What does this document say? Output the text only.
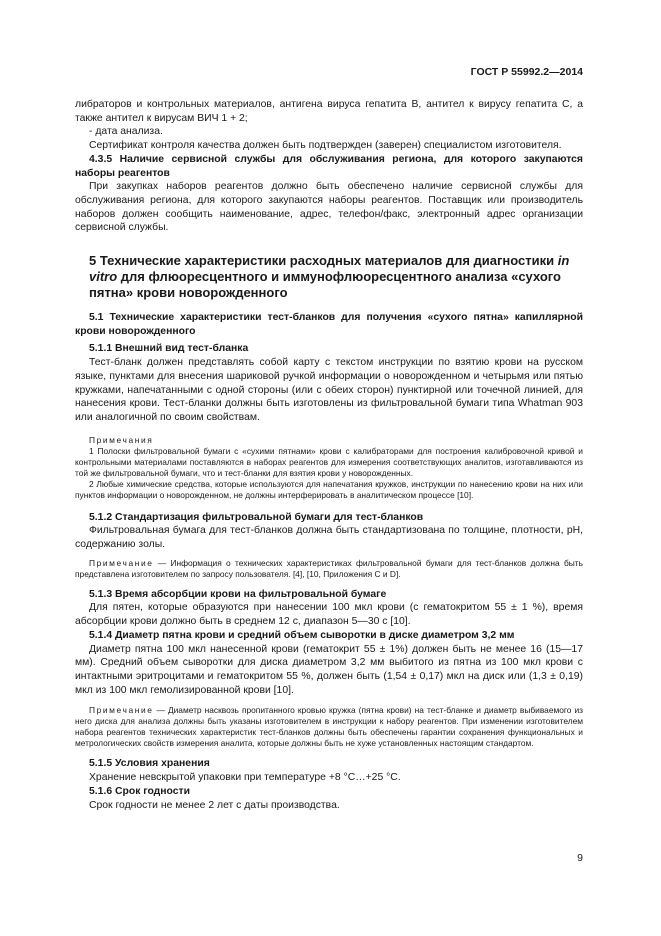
ГОСТ Р 55992.2—2014

либраторов и контрольных материалов, антигена вируса гепатита В, антител к вирусу гепатита С, а также антител к вирусам ВИЧ 1 + 2;

- дата анализа.

Сертификат контроля качества должен быть подтвержден (заверен) специалистом изготовителя.

4.3.5 Наличие сервисной службы для обслуживания региона, для которого закупаются наборы реагентов

При закупках наборов реагентов должно быть обеспечено наличие сервисной службы для обслуживания региона, для которого закупаются наборы реагентов. Поставщик или производитель наборов должен сообщить наименование, адрес, телефон/факс, электронный адрес организации сервисной службы.

5 Технические характеристики расходных материалов для диагностики in vitro для флюоресцентного и иммунофлюоресцентного анализа «сухого пятна» крови новорожденного

5.1 Технические характеристики тест-бланков для получения «сухого пятна» капиллярной крови новорожденного

5.1.1 Внешний вид тест-бланка

Тест-бланк должен представлять собой карту с текстом инструкции по взятию крови на русском языке, пунктами для внесения шариковой ручкой информации о новорожденном и четырьмя или пятью кружками, напечатанными с одной стороны (или с обеих сторон) пунктирной или точечной линией, для нанесения крови. Тест-бланки должны быть изготовлены из фильтровальной бумаги типа Whatman 903 или аналогичной по своим свойствам.

Примечания

1 Полоски фильтровальной бумаги с «сухими пятнами» крови с калибраторами для построения калибровочной кривой и контрольными материалами поставляются в наборах реагентов для измерения соответствующих аналитов, изготавливаются из той же фильтровальной бумаги, что и тест-бланки для взятия крови у новорожденных.

2 Любые химические средства, которые используются для напечатания кружков, инструкции по нанесению крови на них или пунктов информации о новорожденном, не должны интерферировать в аналитическом процессе [10].

5.1.2 Стандартизация фильтровальной бумаги для тест-бланков

Фильтровальная бумага для тест-бланков должна быть стандартизована по толщине, плотности, pH, содержанию золы.

Примечание — Информация о технических характеристиках фильтровальной бумаги для тест-бланков должна быть представлена изготовителем по запросу пользователя. [4], [10, Приложения С и D].

5.1.3 Время абсорбции крови на фильтровальной бумаге

Для пятен, которые образуются при нанесении 100 мкл крови (с гематокритом 55 ± 1 %), время абсорбции крови должно быть в среднем 12 с, диапазон 5—30 с [10].

5.1.4 Диаметр пятна крови и средний объем сыворотки в диске диаметром 3,2 мм

Диаметр пятна 100 мкл нанесенной крови (гематокрит 55 ± 1%) должен быть не менее 16 (15—17 мм). Средний объем сыворотки для диска диаметром 3,2 мм выбитого из пятна из 100 мкл крови с интактными эритроцитами и гематокритом 55 %, должен быть (1,54 ± 0,17) мкл на диск или (1,3 ± 0,19) мкл из 100 мкл гемолизированной крови [10].

Примечание — Диаметр насквозь пропитанного кровью кружка (пятна крови) на тест-бланке и диаметр выбиваемого из него диска для анализа должны быть указаны изготовителем в инструкции к набору реагентов. При изменении изготовителем набора реагентов технических характеристик тест-бланков должны быть обеспечены гарантии сохранения функциональных и метрологических свойств измерения аналита, которые должны быть не хуже установленных настоящим стандартом.

5.1.5 Условия хранения

Хранение невскрытой упаковки при температуре +8 °С…+25 °С.

5.1.6 Срок годности

Срок годности не менее 2 лет с даты производства.

9
